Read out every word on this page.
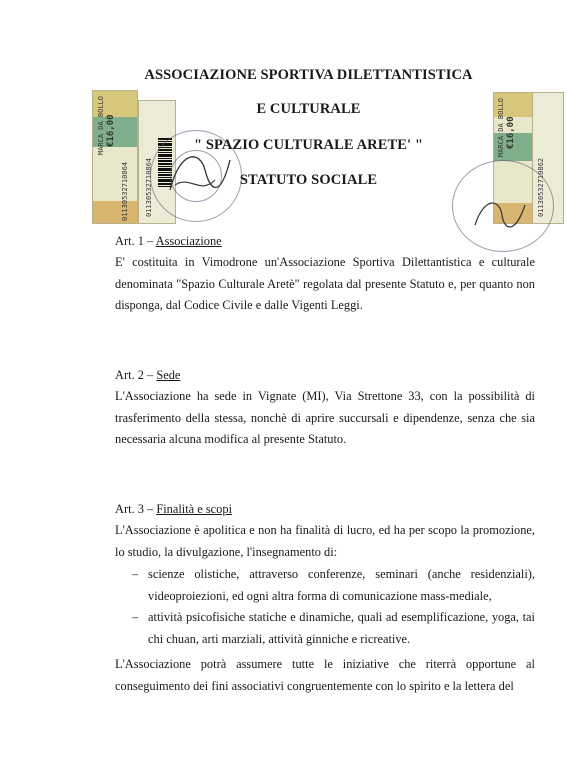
MARCA DA BOLLO €16,00
01130532710864 01130532710864
MARCA DA BOLLO €16,00
01130532710862
ASSOCIAZIONE SPORTIVA DILETTANTISTICA
E CULTURALE
" SPAZIO CULTURALE ARETE' "
STATUTO SOCIALE
Art. 1 – Associazione
E' costituita in Vimodrone un'Associazione Sportiva Dilettantistica e culturale denominata "Spazio Culturale Aretè" regolata dal presente Statuto e, per quanto non disponga, dal Codice Civile e dalle Vigenti Leggi.
Art. 2 – Sede
L'Associazione ha sede in Vignate (MI), Via Strettone 33, con la possibilità di trasferimento della stessa, nonchè di aprire succursali e dipendenze, senza che sia necessaria alcuna modifica al presente Statuto.
Art. 3 – Finalità e scopi
L'Associazione è apolitica e non ha finalità di lucro, ed ha per scopo la promozione, lo studio, la divulgazione, l'insegnamento di:
– scienze olistiche, attraverso conferenze, seminari (anche residenziali), videoproiezioni, ed ogni altra forma di comunicazione mass-mediale,
– attività psicofisiche statiche e dinamiche, quali ad esemplificazione, yoga, tai chi chuan, arti marziali, attività ginniche e ricreative.
L'Associazione potrà assumere tutte le iniziative che riterrà opportune al conseguimento dei fini associativi congruentemente con lo spirito e la lettera del
